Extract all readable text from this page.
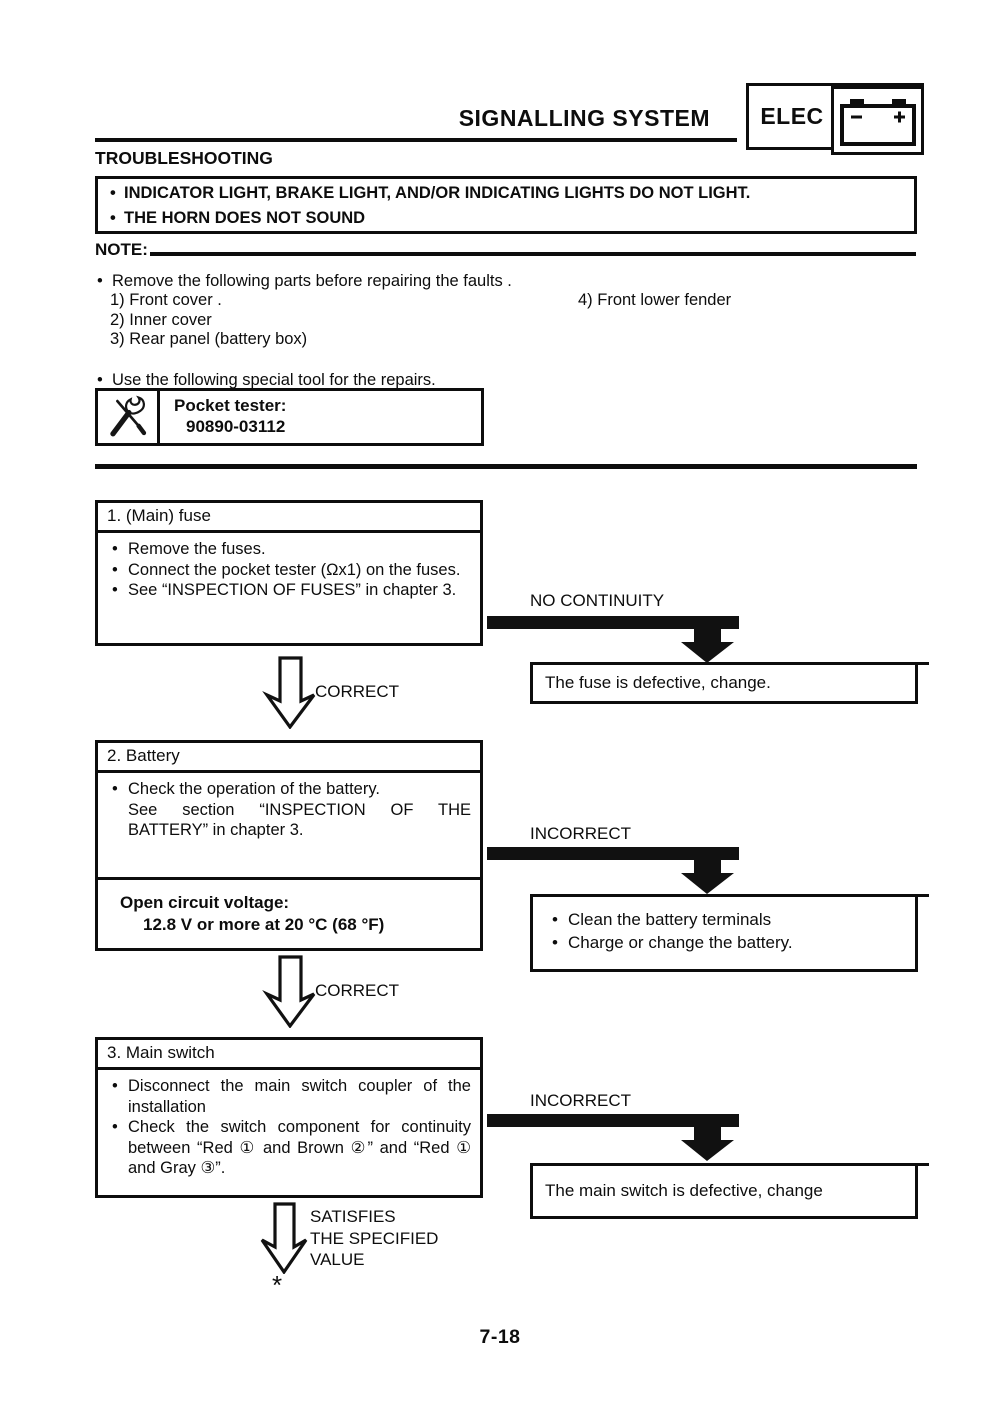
SIGNALLING SYSTEM	ELEC
TROUBLESHOOTING
• INDICATOR LIGHT, BRAKE LIGHT, AND/OR INDICATING LIGHTS DO NOT LIGHT.
• THE HORN DOES NOT SOUND
NOTE:
• Remove the following parts before repairing the faults .
1) Front cover .
2) Inner cover
3) Rear panel (battery box)
4) Front lower fender
• Use the following special tool for the repairs.
Pocket tester:
90890-03112
1. (Main) fuse
• Remove the fuses.
• Connect the pocket tester (Ωx1) on the fuses.
• See “INSPECTION OF FUSES” in chapter 3.
NO CONTINUITY
The fuse is defective, change.
CORRECT
2. Battery
• Check the operation of the battery.
See section “INSPECTION OF THE BATTERY” in chapter 3.
Open circuit voltage:
12.8 V or more at 20 °C (68 °F)
INCORRECT
• Clean the battery terminals
• Charge or change the battery.
CORRECT
3. Main switch
• Disconnect the main switch coupler of the installation
• Check the switch component for continuity between “Red ① and Brown ②” and “Red ① and Gray ③”.
INCORRECT
The main switch is defective, change
SATISFIES
THE SPECIFIED
VALUE
*
7-18
